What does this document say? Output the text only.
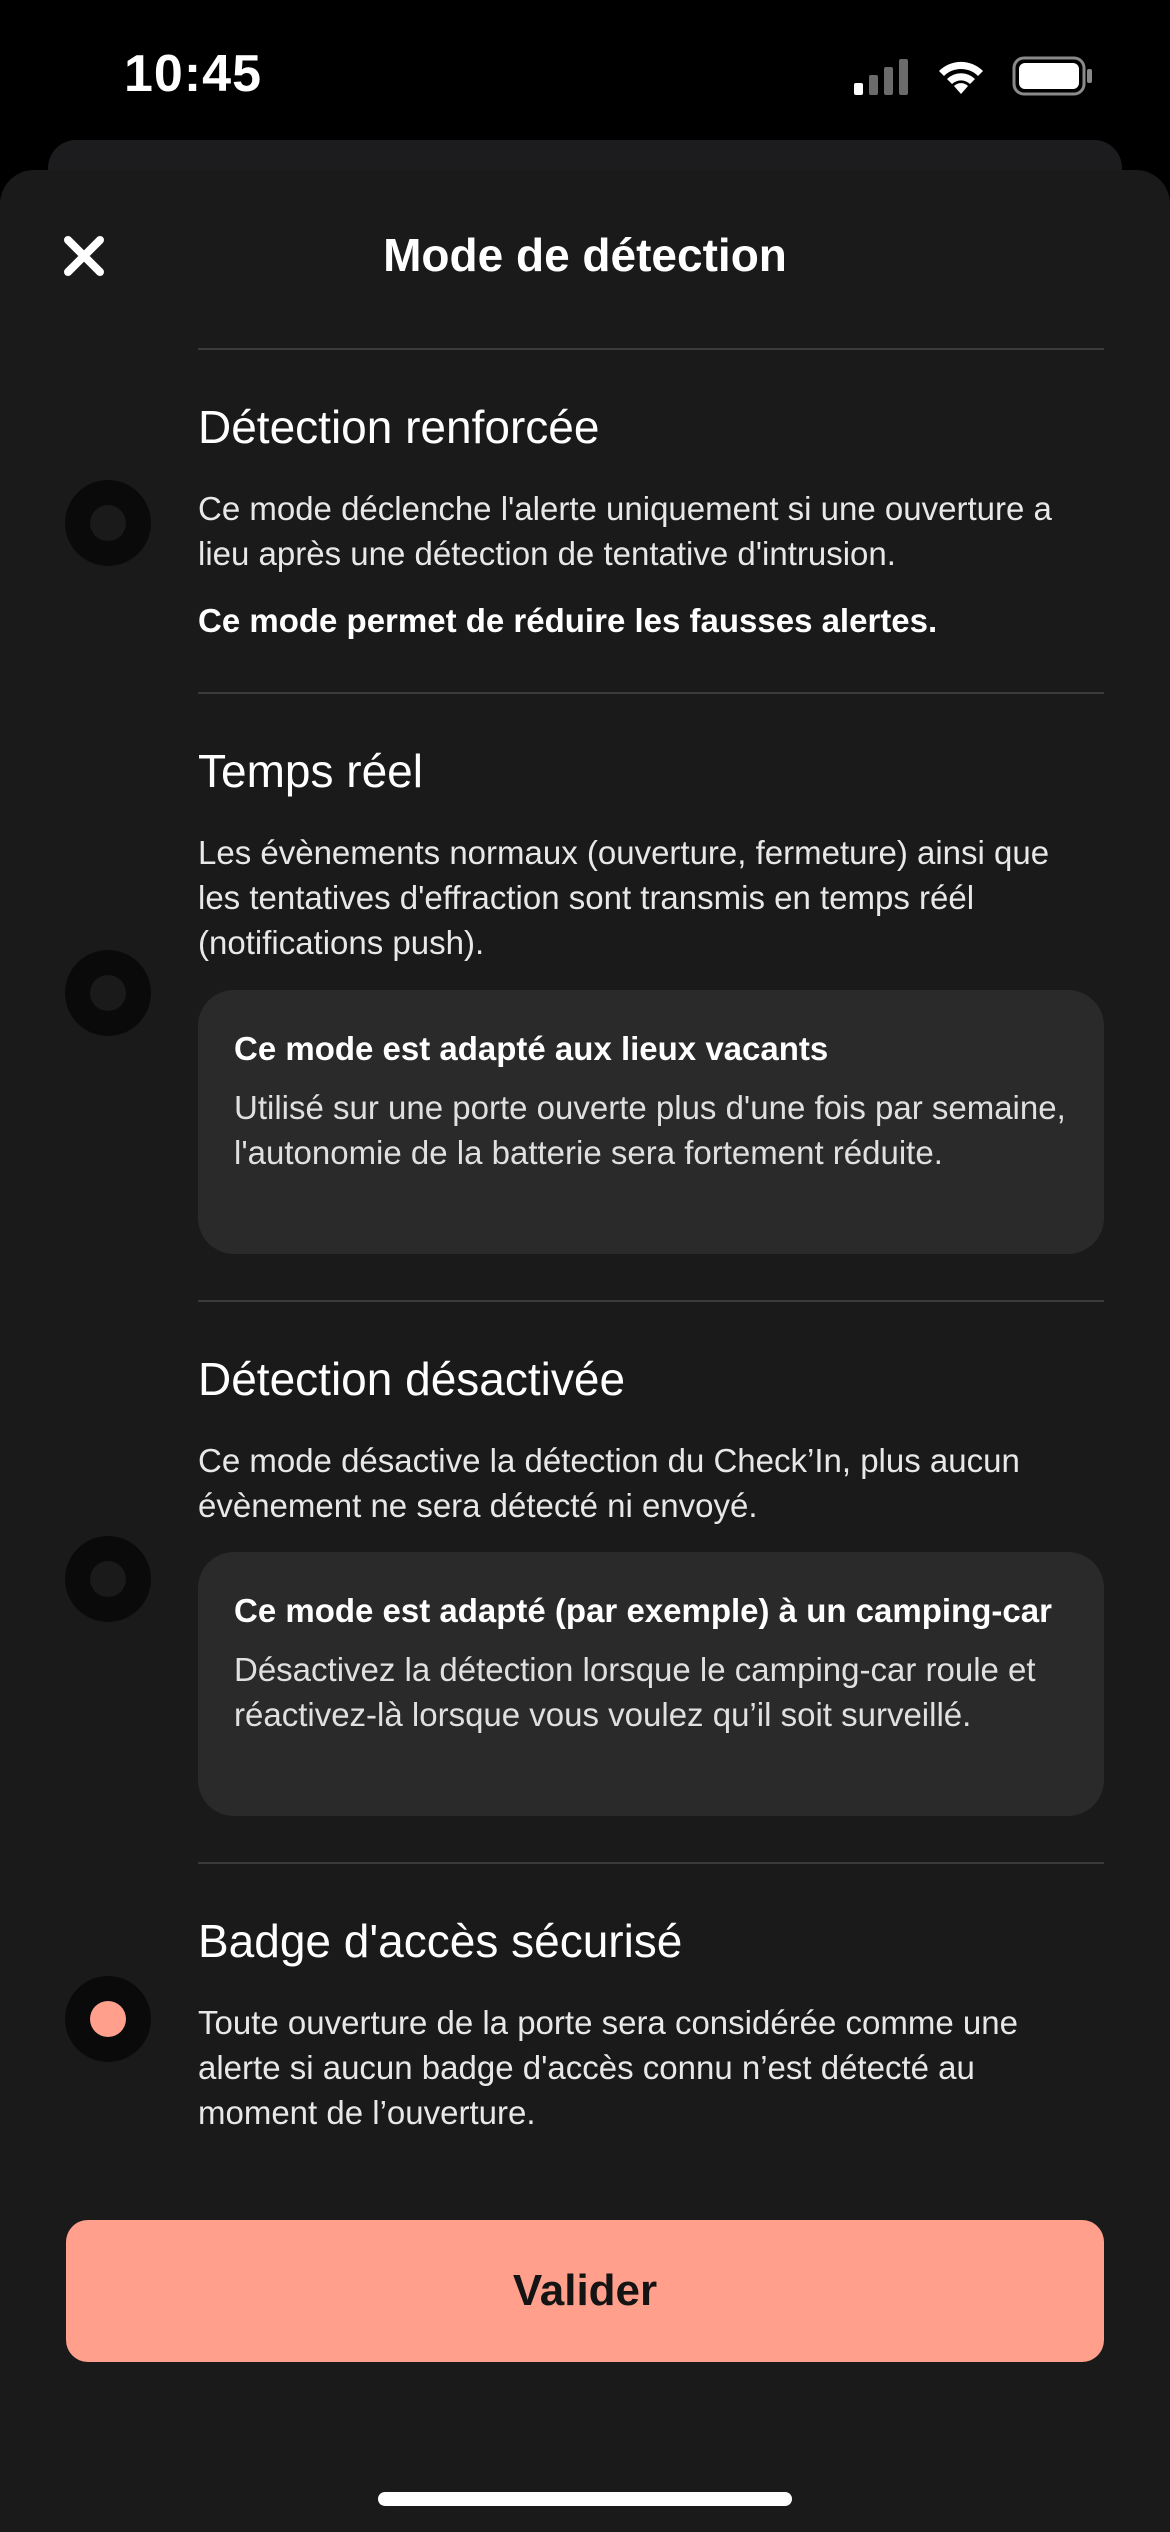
10:45
Mode de détection
Détection renforcée
Ce mode déclenche l'alerte uniquement si une ouverture a lieu après une détection de tentative d'intrusion.
Ce mode permet de réduire les fausses alertes.
Temps réel
Les évènements normaux (ouverture, fermeture) ainsi que les tentatives d'effraction sont transmis en temps réél (notifications push).
Ce mode est adapté aux lieux vacants
Utilisé sur une porte ouverte plus d'une fois par semaine, l'autonomie de la batterie sera fortement réduite.
Détection désactivée
Ce mode désactive la détection du Check’In, plus aucun évènement ne sera détecté ni envoyé.
Ce mode est adapté (par exemple) à un camping-car
Désactivez la détection lorsque le camping-car roule et réactivez-là lorsque vous voulez qu’il soit surveillé.
Badge d'accès sécurisé
Toute ouverture de la porte sera considérée comme une alerte si aucun badge d'accès connu n’est détecté au moment de l’ouverture.
Valider
